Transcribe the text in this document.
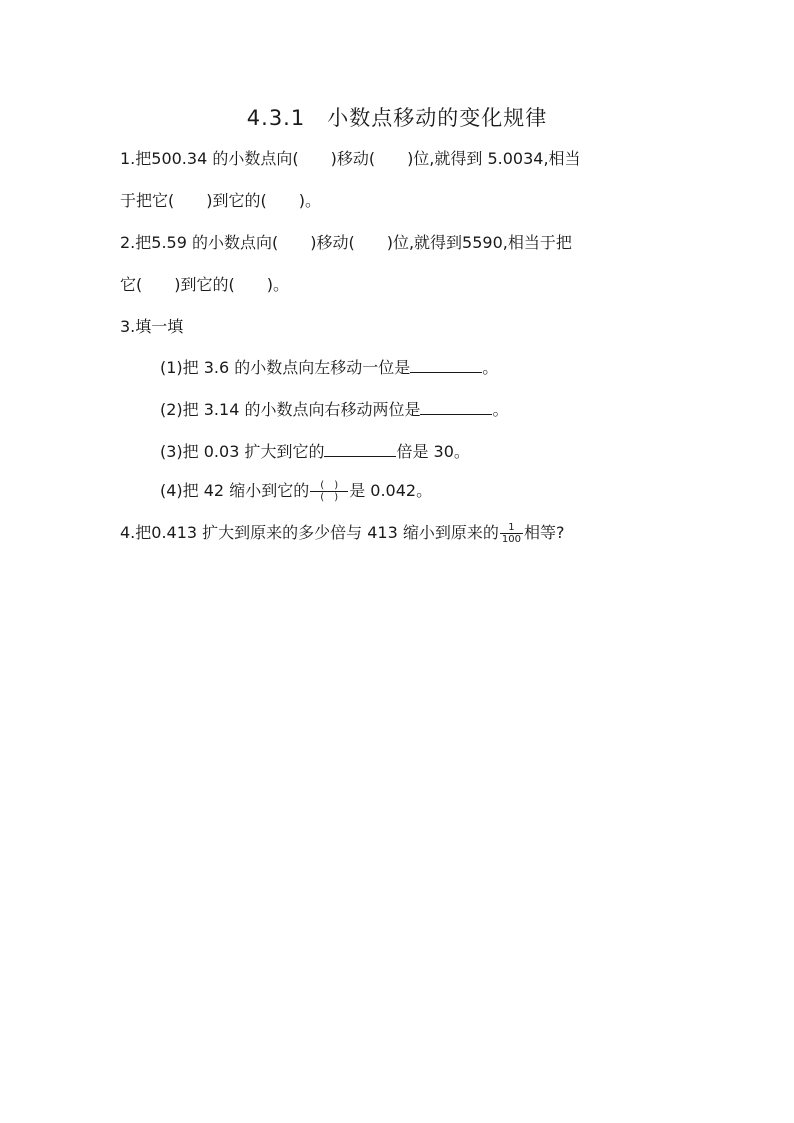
4.3.1　小数点移动的变化规律
1.把500.34 的小数点向(　　)移动(　　)位,就得到 5.0034,相当
于把它(　　)到它的(　　)。
2.把5.59 的小数点向(　　)移动(　　)位,就得到5590,相当于把
它(　　)到它的(　　)。
3.填一填
(1)把 3.6 的小数点向左移动一位是	。
(2)把 3.14 的小数点向右移动两位是	。
(3)把 0.03 扩大到它的	倍是 30。
(4)把 42 缩小到它的 $\frac{( )}{( )}$ 是 0.042。
4.把0.413 扩大到原来的多少倍与 413 缩小到原来的 $\frac{1}{100}$ 相等?
